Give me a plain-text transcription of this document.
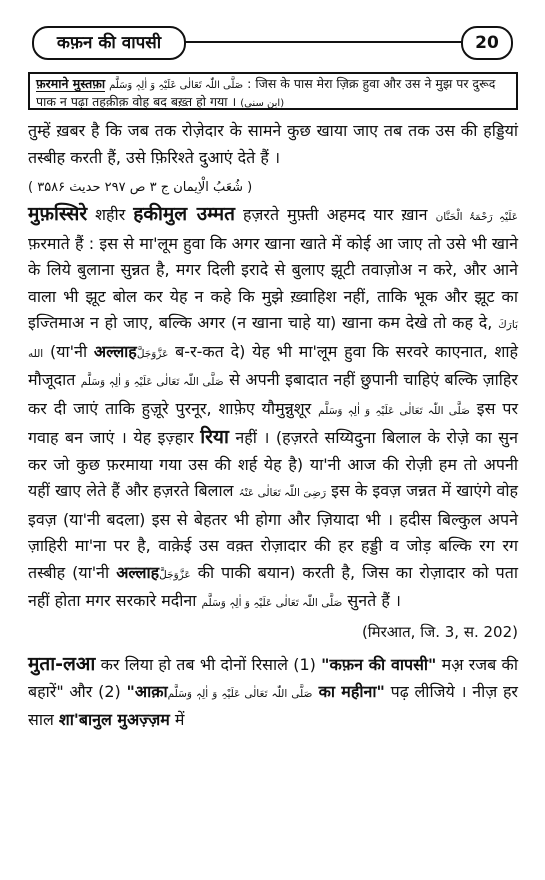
कफ़न की वापसी	20
फ़रमाने मुस्तफ़ा صَلَّی اللّٰہ تَعَالٰی عَلَیْہِ وَ اٰلِہٖ وَسَلَّم : जिस के पास मेरा ज़िक्र हुवा और उस ने मुझ पर दुरूद पाक न पढ़ा तहक़ीक़ वोह बद बख़्त हो गया । (ابن سنی)

तुम्हें ख़बर है कि जब तक रोज़ेदार के सामने कुछ खाया जाए तब तक उस की हड्डियां तस्बीह करती हैं, उसे फ़िरिश्ते दुआएं देते हैं ।

( شُعَبُ الْاِیمان ج ۳ ص ۲۹۷ حدیث ۳۵۸۶ )

मुफ़स्सिरे शहीर हकीमुल उम्मत हज़रते मुफ़्ती अहमद यार ख़ान عَلَیْہِ رَحْمَۃُ الْحَنَّان फ़रमाते हैं : इस से मा'लूम हुवा कि अगर खाना खाते में कोई आ जाए तो उसे भी खाने के लिये बुलाना सुन्नत है, मगर दिली इरादे से बुलाए झूटी तवाज़ोअ न करे, और आने वाला भी झूट बोल कर येह न कहे कि मुझे ख़्वाहिश नहीं, ताकि भूक और झूट का इज्तिमाअ न हो जाए, बल्कि अगर (न खाना चाहे या) खाना कम देखे तो कह दे, بَارَكَ الله (या'नी अल्लाहعَزَّوَجَلَّ ब-र-कत दे) येह भी मा'लूम हुवा कि सरवरे काएनात, शाहे मौजूदात صَلَّی اللّٰہ تَعَالٰی عَلَیْہِ وَ اٰلِہٖ وَسَلَّم से अपनी इबादात नहीं छुपानी चाहिएं बल्कि ज़ाहिर कर दी जाएं ताकि हुज़ूरे पुरनूर, शाफ़ेए यौमुन्नुशूर صَلَّی اللّٰہ تَعَالٰی عَلَیْہِ وَ اٰلِہٖ وَسَلَّم इस पर गवाह बन जाएं । येह इज़्हार रिया नहीं । (हज़रते सय्यिदुना बिलाल के रोज़े का सुन कर जो कुछ फ़रमाया गया उस की शर्ह येह है) या'नी आज की रोज़ी हम तो अपनी यहीं खाए लेते हैं और हज़रते बिलाल رَضِیَ اللّٰہ تَعَالٰی عَنْہُ इस के इवज़ जन्नत में खाएंगे वोह इवज़ (या'नी बदला) इस से बेहतर भी होगा और ज़ियादा भी । हदीस बिल्कुल अपने ज़ाहिरी मा'ना पर है, वाक़ेई उस वक़्त रोज़ादार की हर हड्डी व जोड़ बल्कि रग रग तस्बीह (या'नी अल्लाहعَزَّوَجَلَّ की पाकी बयान) करती है, जिस का रोज़ादार को पता नहीं होता मगर सरकारे मदीना صَلَّی اللّٰہ تَعَالٰی عَلَیْہِ وَ اٰلِہٖ وَسَلَّم सुनते हैं ।

(मिरआत, जि. 3, स. 202)

मुता-लआ कर लिया हो तब भी दोनों रिसाले (1) "कफ़न की वापसी" मअ़ रजब की बहारें" और (2) "आक़ाصَلَّی اللّٰہ تَعَالٰی عَلَیْہِ وَ اٰلِہٖ وَسَلَّم का महीना" पढ़ लीजिये । नीज़ हर साल शा'बानुल मुअज़्ज़म में
